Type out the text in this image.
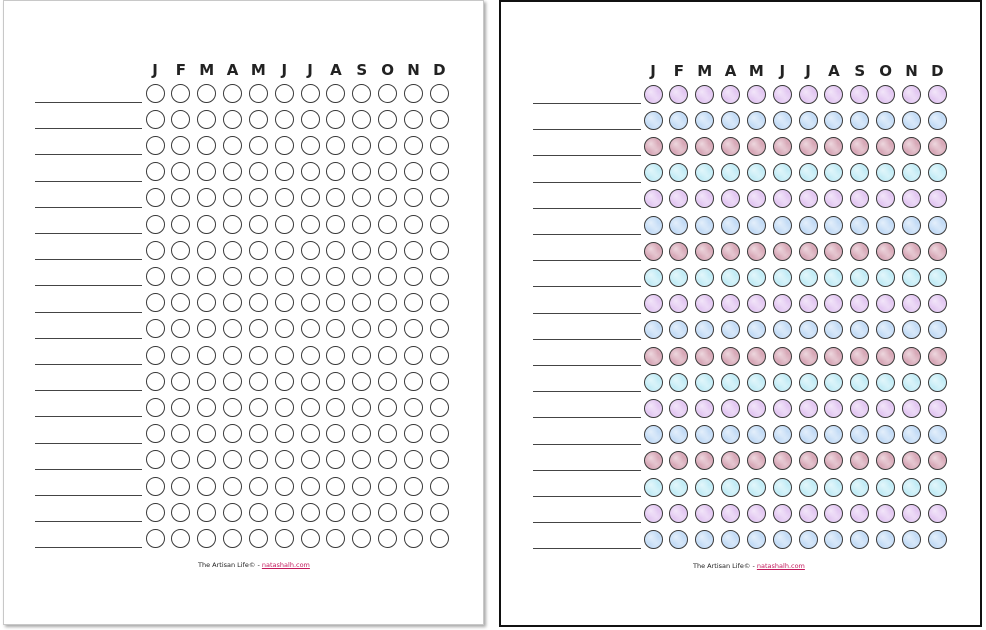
J	F M A M	J	J	A S O N D
The Artisan Life© - natashalh.com
J	F M A M	J	J	A S O N D
The Artisan Life© - natashalh.com
